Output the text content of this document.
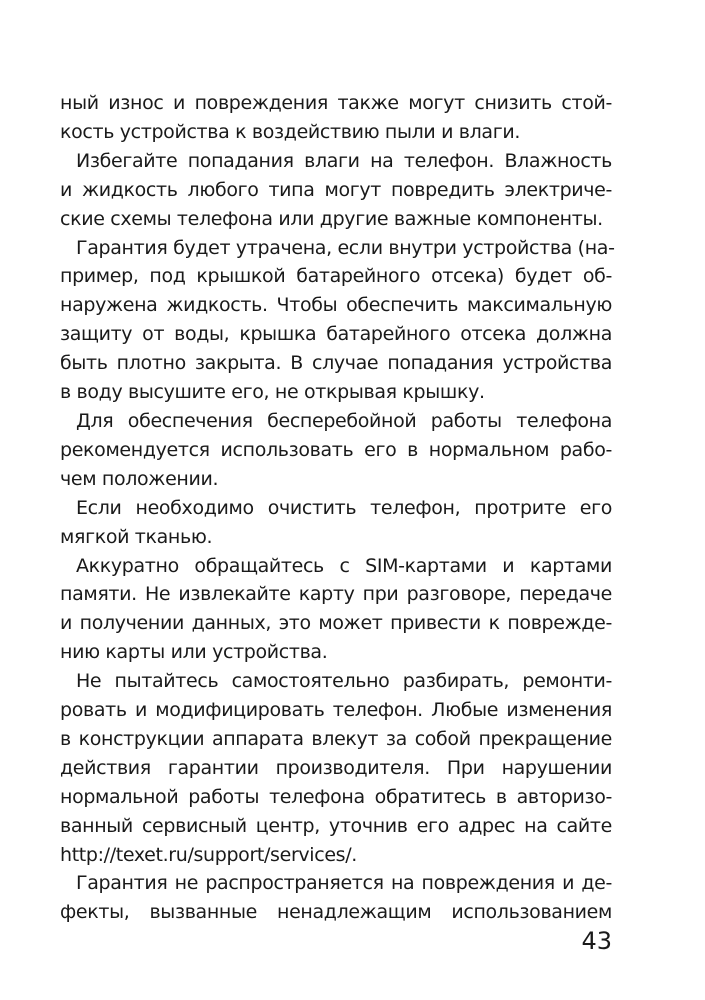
ный износ и повреждения также могут снизить стой-
кость устройства к воздействию пыли и влаги.
Избегайте попадания влаги на телефон. Влажность
и жидкость любого типа могут повредить электриче-
ские схемы телефона или другие важные компоненты.
Гарантия будет утрачена, если внутри устройства (на-
пример, под крышкой батарейного отсека) будет об-
наружена жидкость. Чтобы обеспечить максимальную
защиту от воды, крышка батарейного отсека должна
быть плотно закрыта. В случае попадания устройства
в воду высушите его, не открывая крышку.
Для обеспечения бесперебойной работы телефона
рекомендуется использовать его в нормальном рабо-
чем положении.
Если необходимо очистить телефон, протрите его
мягкой тканью.
Аккуратно обращайтесь с SIM-картами и картами
памяти. Не извлекайте карту при разговоре, передаче
и получении данных, это может привести к поврежде-
нию карты или устройства.
Не пытайтесь самостоятельно разбирать, ремонти-
ровать и модифицировать телефон. Любые изменения
в конструкции аппарата влекут за собой прекращение
действия гарантии производителя. При нарушении
нормальной работы телефона обратитесь в авторизо-
ванный сервисный центр, уточнив его адрес на сайте
http://texet.ru/support/services/.
Гарантия не распространяется на повреждения и де-
фекты, вызванные ненадлежащим использованием
43
